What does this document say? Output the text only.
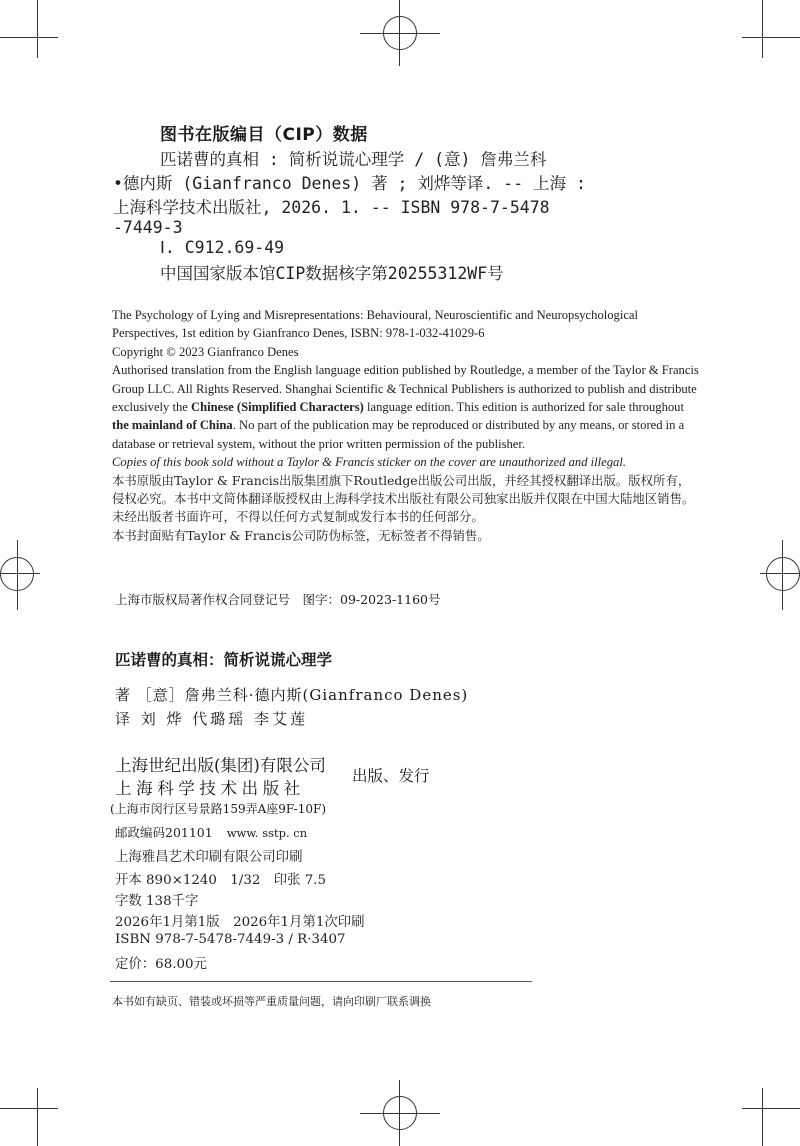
图书在版编目（CIP）数据
匹诺曹的真相 : 简析说谎心理学 / (意) 詹弗兰科
•德内斯 (Gianfranco Denes) 著 ; 刘烨等译. -- 上海 :
上海科学技术出版社, 2026. 1. -- ISBN 978-7-5478
-7449-3
Ⅰ. C912.69-49
中国国家版本馆CIP数据核字第20255312WF号

The Psychology of Lying and Misrepresentations: Behavioural, Neuroscientific and Neuropsychological Perspectives, 1st edition by Gianfranco Denes, ISBN: 978-1-032-41029-6

Copyright © 2023 Gianfranco Denes

Authorised translation from the English language edition published by Routledge, a member of the Taylor & Francis Group LLC. All Rights Reserved. Shanghai Scientific & Technical Publishers is authorized to publish and distribute exclusively the Chinese (Simplified Characters) language edition. This edition is authorized for sale throughout the mainland of China. No part of the publication may be reproduced or distributed by any means, or stored in a database or retrieval system, without the prior written permission of the publisher.

Copies of this book sold without a Taylor & Francis sticker on the cover are unauthorized and illegal.

本书原版由Taylor & Francis出版集团旗下Routledge出版公司出版，并经其授权翻译出版。版权所有，侵权必究。本书中文简体翻译版授权由上海科学技术出版社有限公司独家出版并仅限在中国大陆地区销售。未经出版者书面许可，不得以任何方式复制或发行本书的任何部分。

本书封面贴有Taylor & Francis公司防伪标签，无标签者不得销售。

上海市版权局著作权合同登记号　图字：09-2023-1160号
匹诺曹的真相：简析说谎心理学
著 ［意］詹弗兰科·德内斯(Gianfranco Denes)
译 刘 烨 代璐瑶 李艾莲
上海世纪出版(集团)有限公司
上海科学技术出版社
出版、发行
(上海市闵行区号景路159弄A座9F-10F)
邮政编码201101 www. sstp. cn
上海雅昌艺术印刷有限公司印刷
开本 890×1240　1/32　印张 7.5
字数 138千字
2026年1月第1版　2026年1月第1次印刷
ISBN 978-7-5478-7449-3 / R·3407
定价：68.00元
本书如有缺页、错装或坏损等严重质量问题，请向印刷厂联系调换
